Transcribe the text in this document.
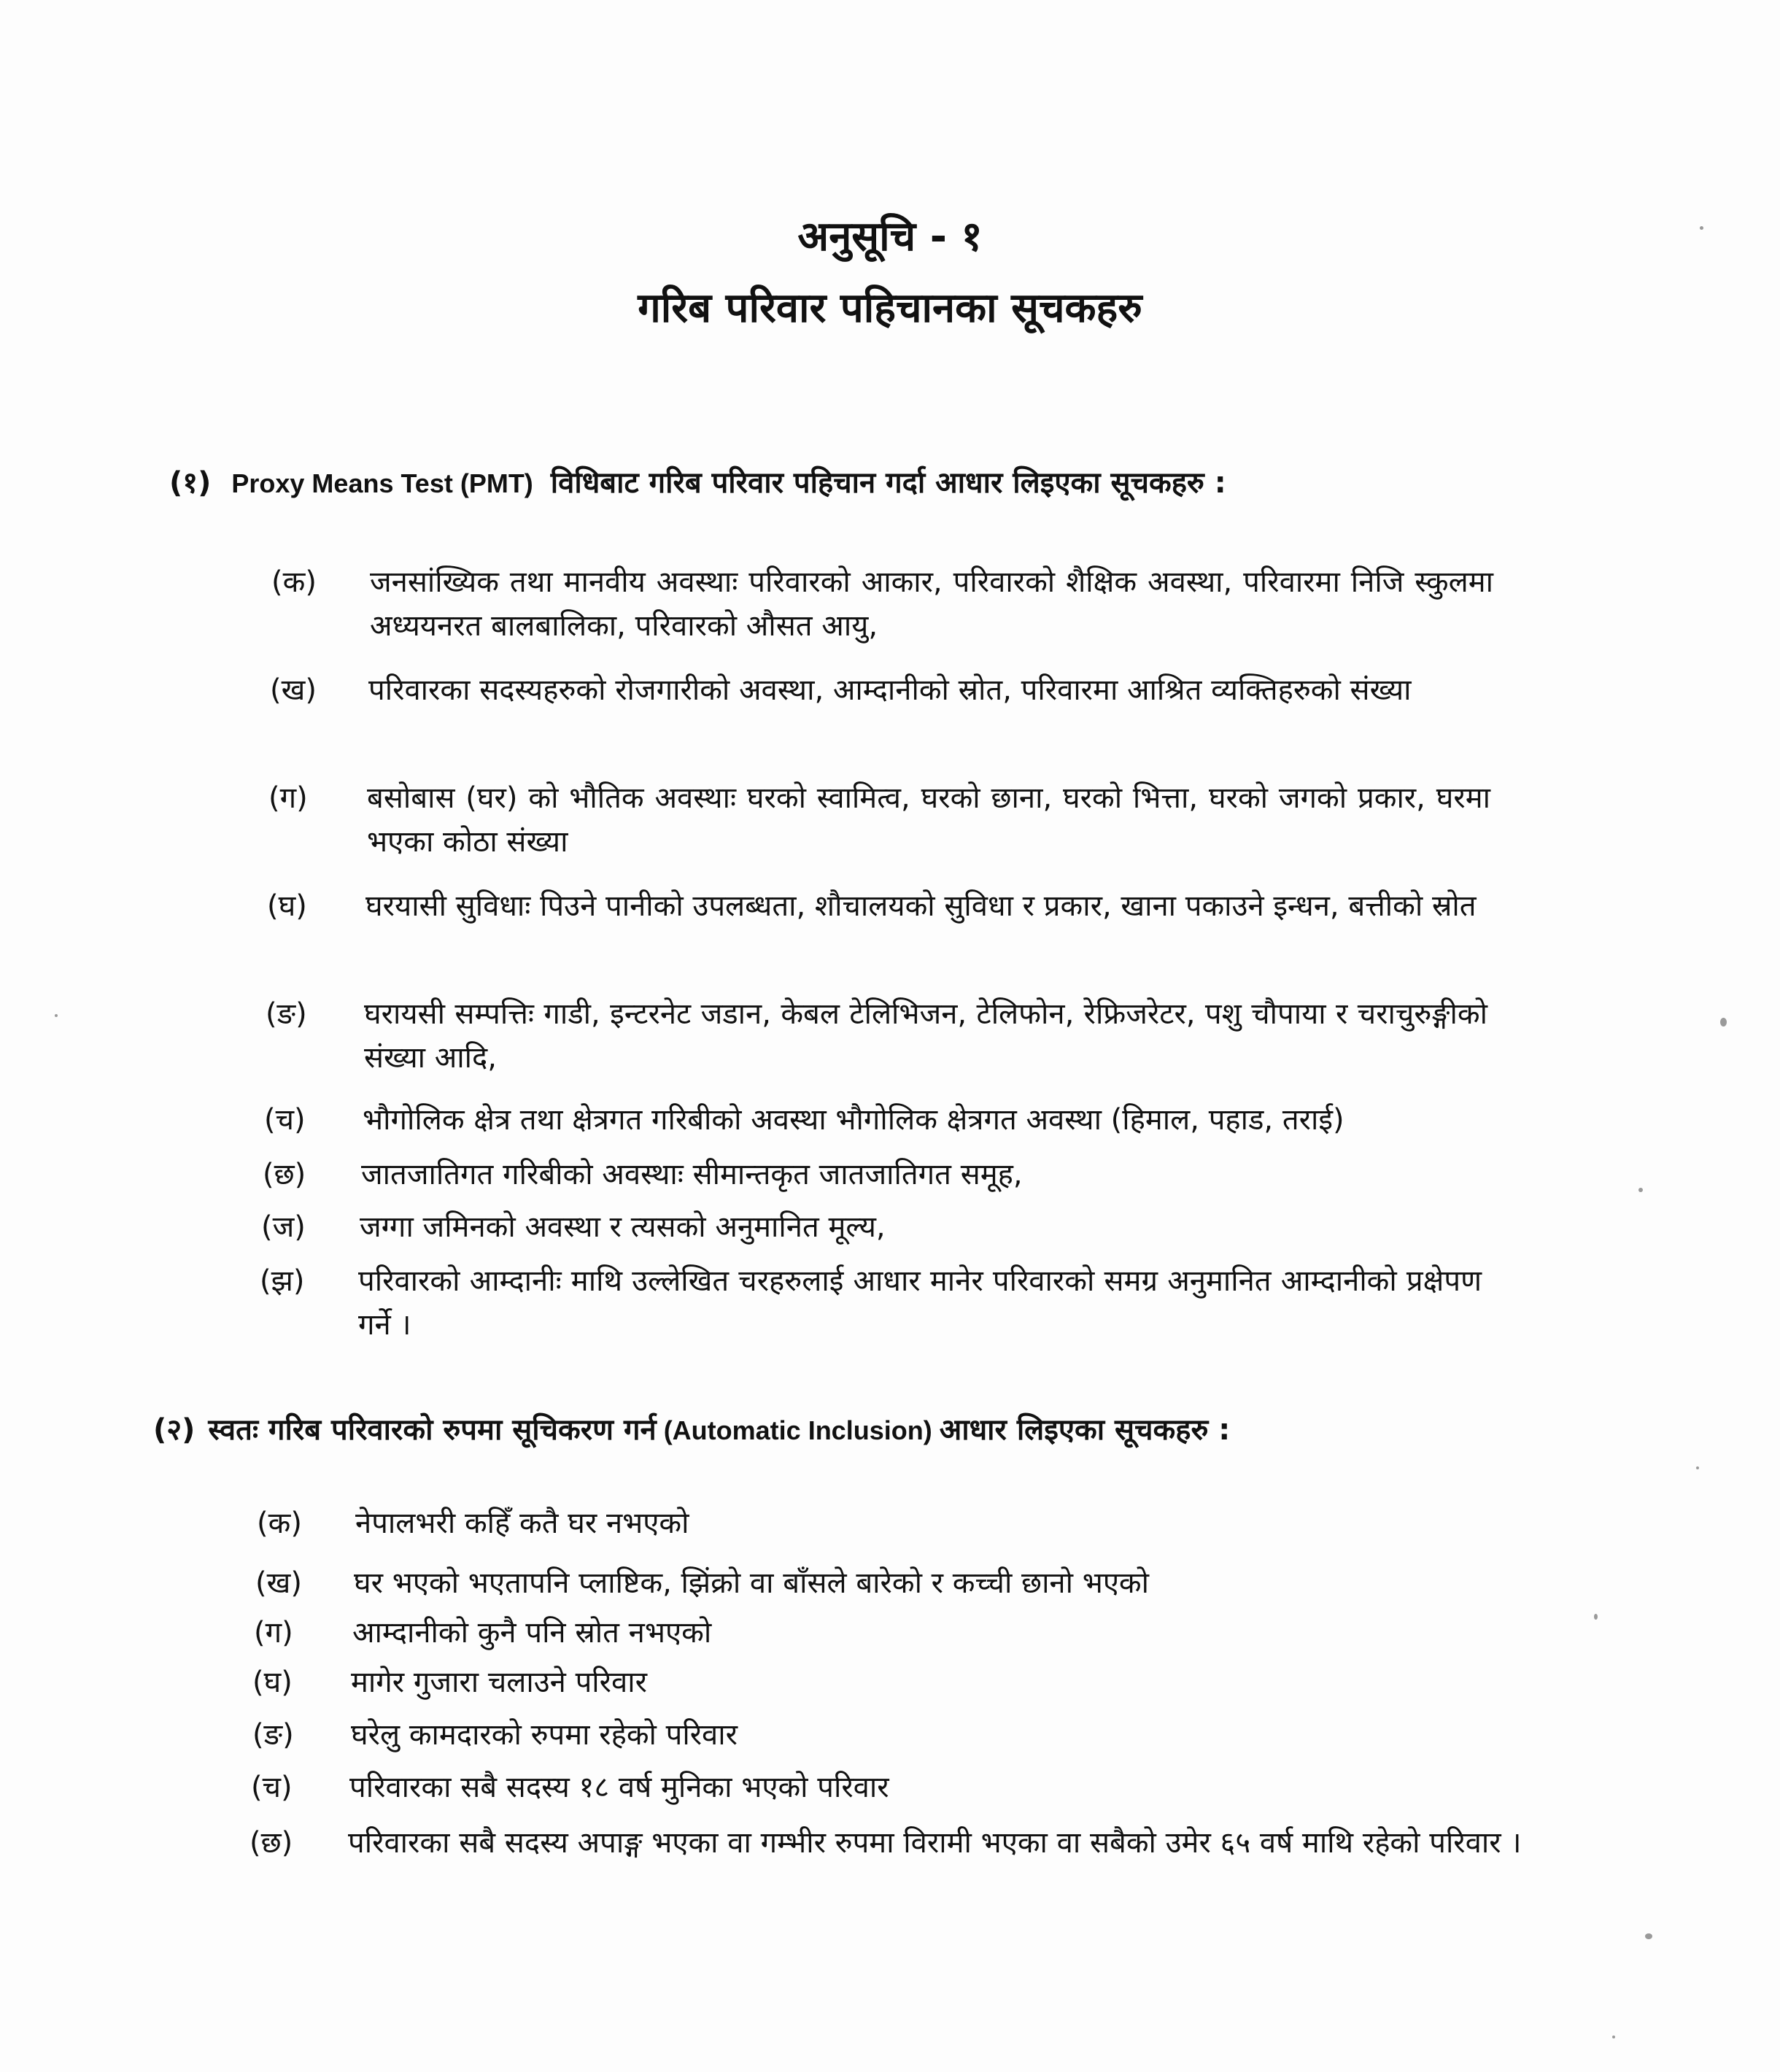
अनुसूचि - १
गरिब परिवार पहिचानका सूचकहरु
(१) Proxy Means Test (PMT) विधिबाट गरिब परिवार पहिचान गर्दा आधार लिइएका सूचकहरु :
(क) जनसांख्यिक तथा मानवीय अवस्थाः परिवारको आकार, परिवारको शैक्षिक अवस्था, परिवारमा निजि स्कुलमा अध्ययनरत बालबालिका, परिवारको औसत आयु,
(ख) परिवारका सदस्यहरुको रोजगारीको अवस्था, आम्दानीको स्रोत, परिवारमा आश्रित व्यक्तिहरुको संख्या
(ग) बसोबास (घर) को भौतिक अवस्थाः घरको स्वामित्व, घरको छाना, घरको भित्ता, घरको जगको प्रकार, घरमा भएका कोठा संख्या
(घ) घरयासी सुविधाः पिउने पानीको उपलब्धता, शौचालयको सुविधा र प्रकार, खाना पकाउने इन्धन, बत्तीको स्रोत
(ङ) घरायसी सम्पत्तिः गाडी, इन्टरनेट जडान, केबल टेलिभिजन, टेलिफोन, रेफ्रिजरेटर, पशु चौपाया र चराचुरुङ्गीको संख्या आदि,
(च) भौगोलिक क्षेत्र तथा क्षेत्रगत गरिबीको अवस्था भौगोलिक क्षेत्रगत अवस्था (हिमाल, पहाड, तराई)
(छ) जातजातिगत गरिबीको अवस्थाः सीमान्तकृत जातजातिगत समूह,
(ज) जग्गा जमिनको अवस्था र त्यसको अनुमानित मूल्य,
(झ) परिवारको आम्दानीः माथि उल्लेखित चरहरुलाई आधार मानेर परिवारको समग्र अनुमानित आम्दानीको प्रक्षेपण गर्ने ।
(२) स्वतः गरिब परिवारको रुपमा सूचिकरण गर्न (Automatic Inclusion) आधार लिइएका सूचकहरु :
(क) नेपालभरी कहिँ कतै घर नभएको
(ख) घर भएको भएतापनि प्लाष्टिक, झिंक्रो वा बाँसले बारेको र कच्ची छानो भएको
(ग) आम्दानीको कुनै पनि स्रोत नभएको
(घ) मागेर गुजारा चलाउने परिवार
(ङ) घरेलु कामदारको रुपमा रहेको परिवार
(च) परिवारका सबै सदस्य १८ वर्ष मुनिका भएको परिवार
(छ) परिवारका सबै सदस्य अपाङ्ग भएका वा गम्भीर रुपमा विरामी भएका वा सबैको उमेर ६५ वर्ष माथि रहेको परिवार ।
